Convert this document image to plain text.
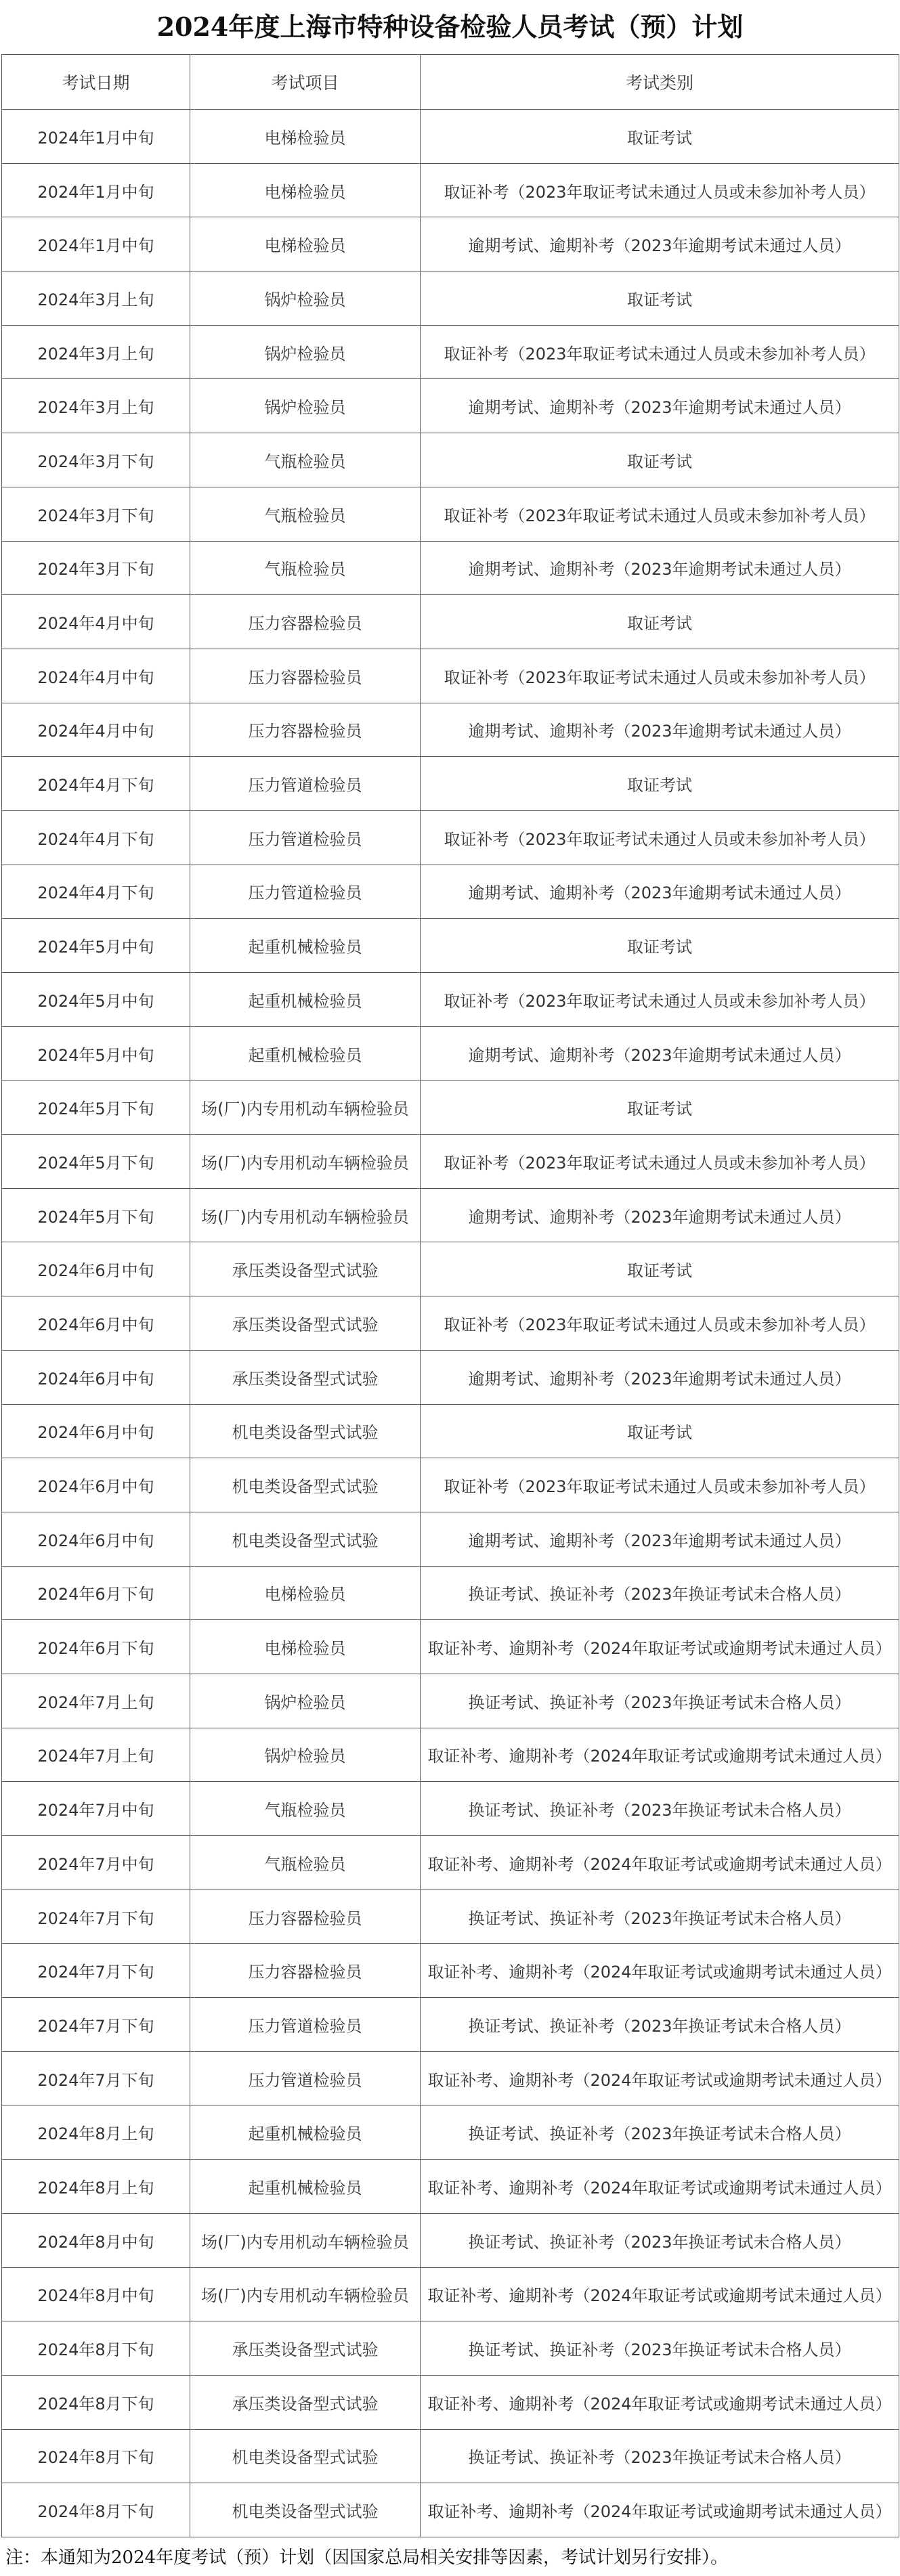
2024年度上海市特种设备检验人员考试（预）计划
考试日期	考试项目	考试类别
2024年1月中旬	电梯检验员	取证考试
2024年1月中旬	电梯检验员	取证补考（2023年取证考试未通过人员或未参加补考人员）
2024年1月中旬	电梯检验员	逾期考试、逾期补考（2023年逾期考试未通过人员）
2024年3月上旬	锅炉检验员	取证考试
2024年3月上旬	锅炉检验员	取证补考（2023年取证考试未通过人员或未参加补考人员）
2024年3月上旬	锅炉检验员	逾期考试、逾期补考（2023年逾期考试未通过人员）
2024年3月下旬	气瓶检验员	取证考试
2024年3月下旬	气瓶检验员	取证补考（2023年取证考试未通过人员或未参加补考人员）
2024年3月下旬	气瓶检验员	逾期考试、逾期补考（2023年逾期考试未通过人员）
2024年4月中旬	压力容器检验员	取证考试
2024年4月中旬	压力容器检验员	取证补考（2023年取证考试未通过人员或未参加补考人员）
2024年4月中旬	压力容器检验员	逾期考试、逾期补考（2023年逾期考试未通过人员）
2024年4月下旬	压力管道检验员	取证考试
2024年4月下旬	压力管道检验员	取证补考（2023年取证考试未通过人员或未参加补考人员）
2024年4月下旬	压力管道检验员	逾期考试、逾期补考（2023年逾期考试未通过人员）
2024年5月中旬	起重机械检验员	取证考试
2024年5月中旬	起重机械检验员	取证补考（2023年取证考试未通过人员或未参加补考人员）
2024年5月中旬	起重机械检验员	逾期考试、逾期补考（2023年逾期考试未通过人员）
2024年5月下旬	场(厂)内专用机动车辆检验员	取证考试
2024年5月下旬	场(厂)内专用机动车辆检验员	取证补考（2023年取证考试未通过人员或未参加补考人员）
2024年5月下旬	场(厂)内专用机动车辆检验员	逾期考试、逾期补考（2023年逾期考试未通过人员）
2024年6月中旬	承压类设备型式试验	取证考试
2024年6月中旬	承压类设备型式试验	取证补考（2023年取证考试未通过人员或未参加补考人员）
2024年6月中旬	承压类设备型式试验	逾期考试、逾期补考（2023年逾期考试未通过人员）
2024年6月中旬	机电类设备型式试验	取证考试
2024年6月中旬	机电类设备型式试验	取证补考（2023年取证考试未通过人员或未参加补考人员）
2024年6月中旬	机电类设备型式试验	逾期考试、逾期补考（2023年逾期考试未通过人员）
2024年6月下旬	电梯检验员	换证考试、换证补考（2023年换证考试未合格人员）
2024年6月下旬	电梯检验员	取证补考、逾期补考（2024年取证考试或逾期考试未通过人员）
2024年7月上旬	锅炉检验员	换证考试、换证补考（2023年换证考试未合格人员）
2024年7月上旬	锅炉检验员	取证补考、逾期补考（2024年取证考试或逾期考试未通过人员）
2024年7月中旬	气瓶检验员	换证考试、换证补考（2023年换证考试未合格人员）
2024年7月中旬	气瓶检验员	取证补考、逾期补考（2024年取证考试或逾期考试未通过人员）
2024年7月下旬	压力容器检验员	换证考试、换证补考（2023年换证考试未合格人员）
2024年7月下旬	压力容器检验员	取证补考、逾期补考（2024年取证考试或逾期考试未通过人员）
2024年7月下旬	压力管道检验员	换证考试、换证补考（2023年换证考试未合格人员）
2024年7月下旬	压力管道检验员	取证补考、逾期补考（2024年取证考试或逾期考试未通过人员）
2024年8月上旬	起重机械检验员	换证考试、换证补考（2023年换证考试未合格人员）
2024年8月上旬	起重机械检验员	取证补考、逾期补考（2024年取证考试或逾期考试未通过人员）
2024年8月中旬	场(厂)内专用机动车辆检验员	换证考试、换证补考（2023年换证考试未合格人员）
2024年8月中旬	场(厂)内专用机动车辆检验员	取证补考、逾期补考（2024年取证考试或逾期考试未通过人员）
2024年8月下旬	承压类设备型式试验	换证考试、换证补考（2023年换证考试未合格人员）
2024年8月下旬	承压类设备型式试验	取证补考、逾期补考（2024年取证考试或逾期考试未通过人员）
2024年8月下旬	机电类设备型式试验	换证考试、换证补考（2023年换证考试未合格人员）
2024年8月下旬	机电类设备型式试验	取证补考、逾期补考（2024年取证考试或逾期考试未通过人员）
注：本通知为2024年度考试（预）计划（因国家总局相关安排等因素，考试计划另行安排）。
